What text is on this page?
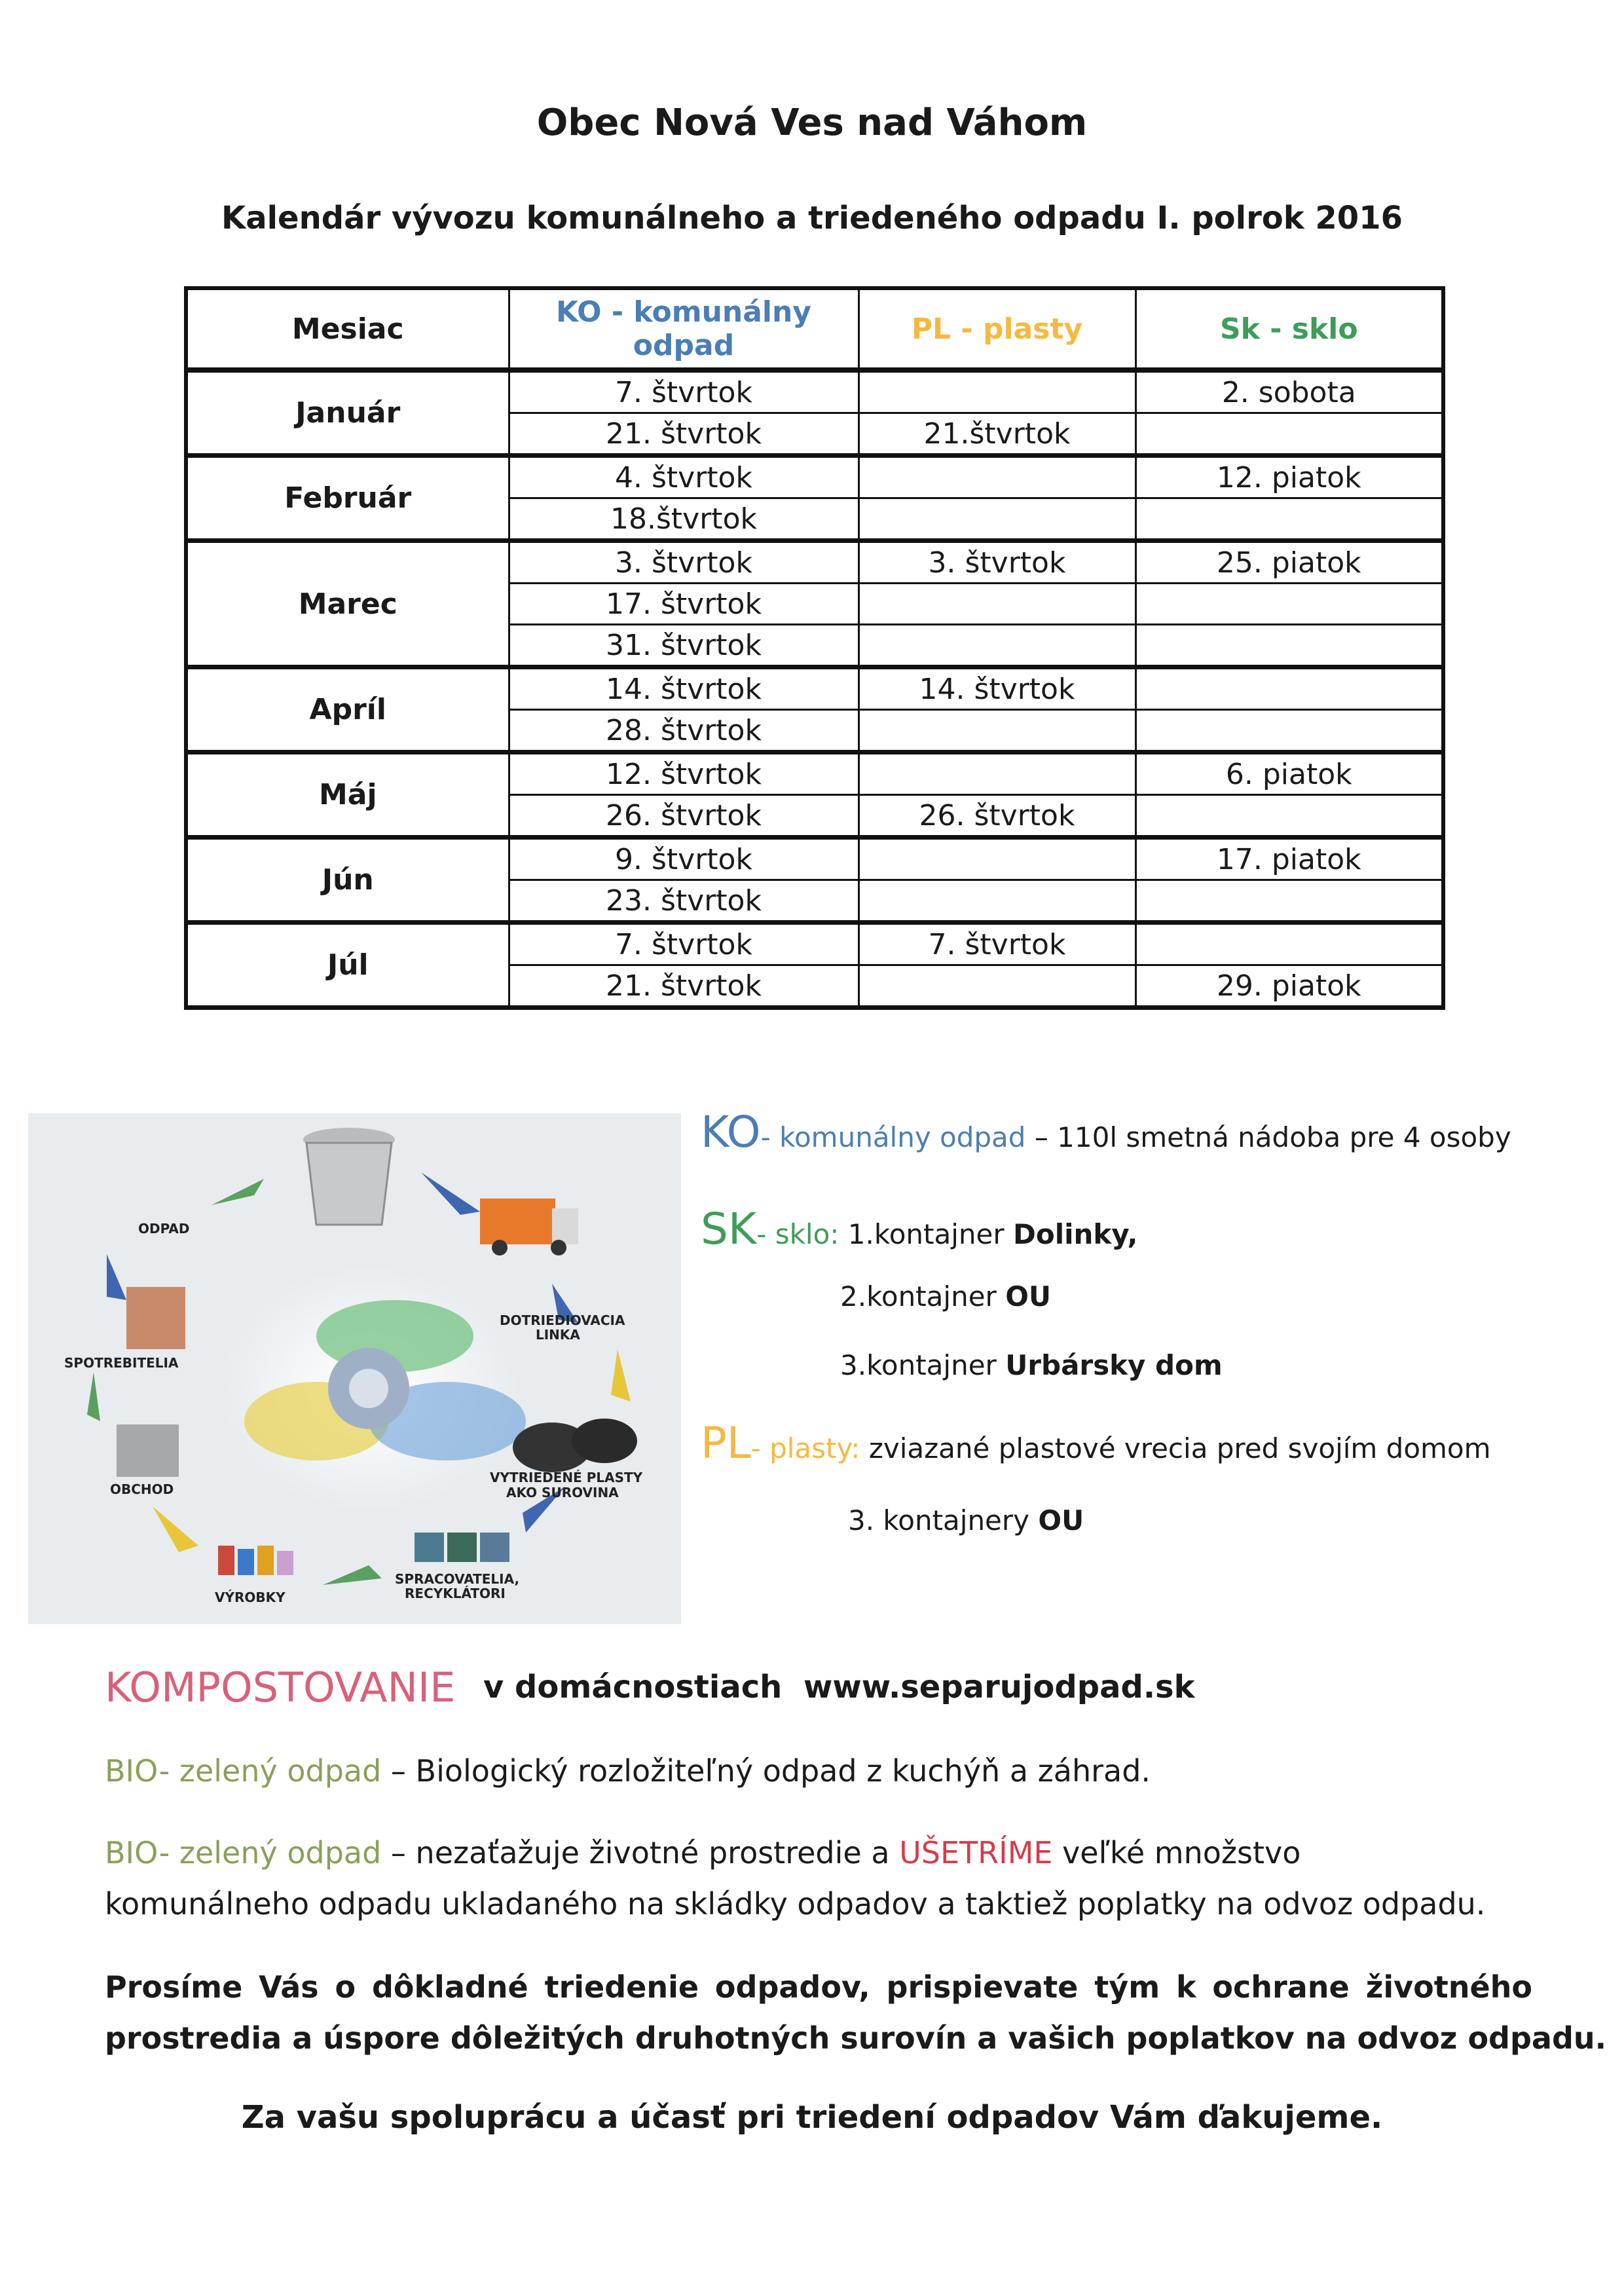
Obec Nová Ves nad Váhom
Kalendár vývozu komunálneho a triedeného odpadu I. polrok 2016
Mesiac	KO - komunálny odpad	PL - plasty	Sk - sklo
Január	7. štvrtok		2. sobota
	21. štvrtok	21.štvrtok	
Február	4. štvrtok		12. piatok
	18.štvrtok		
Marec	3. štvrtok	3. štvrtok	25. piatok
	17. štvrtok		
	31. štvrtok		
Apríl	14. štvrtok	14. štvrtok	
	28. štvrtok		
Máj	12. štvrtok		6. piatok
	26. štvrtok	26. štvrtok	
Jún	9. štvrtok		17. piatok
	23. štvrtok		
Júl	7. štvrtok	7. štvrtok	
	21. štvrtok		29. piatok
ODPAD
DOTRIEDIOVACIA
LINKA
SPOTREBITELIA
VYTRIEDENÉ PLASTY
AKO SUROVINA
OBCHOD
SPRACOVATELIA,
RECYKLÁTORI
VÝROBKY
KO- komunálny odpad – 110l smetná nádoba pre 4 osoby
SK- sklo: 1.kontajner Dolinky,
2.kontajner OU
3.kontajner Urbársky dom
PL- plasty: zviazané plastové vrecia pred svojím domom
3. kontajnery OU
KOMPOSTOVANIE v domácnostiach www.separujodpad.sk
BIO- zelený odpad – Biologický rozložiteľný odpad z kuchýň a záhrad.
BIO- zelený odpad – nezaťažuje životné prostredie a UŠETRÍME veľké množstvo
komunálneho odpadu ukladaného na skládky odpadov a taktiež poplatky na odvoz odpadu.
Prosíme Vás o dôkladné triedenie odpadov, prispievate tým k ochrane životného
prostredia a úspore dôležitých druhotných surovín a vašich poplatkov na odvoz odpadu.
Za vašu spoluprácu a účasť pri triedení odpadov Vám ďakujeme.
